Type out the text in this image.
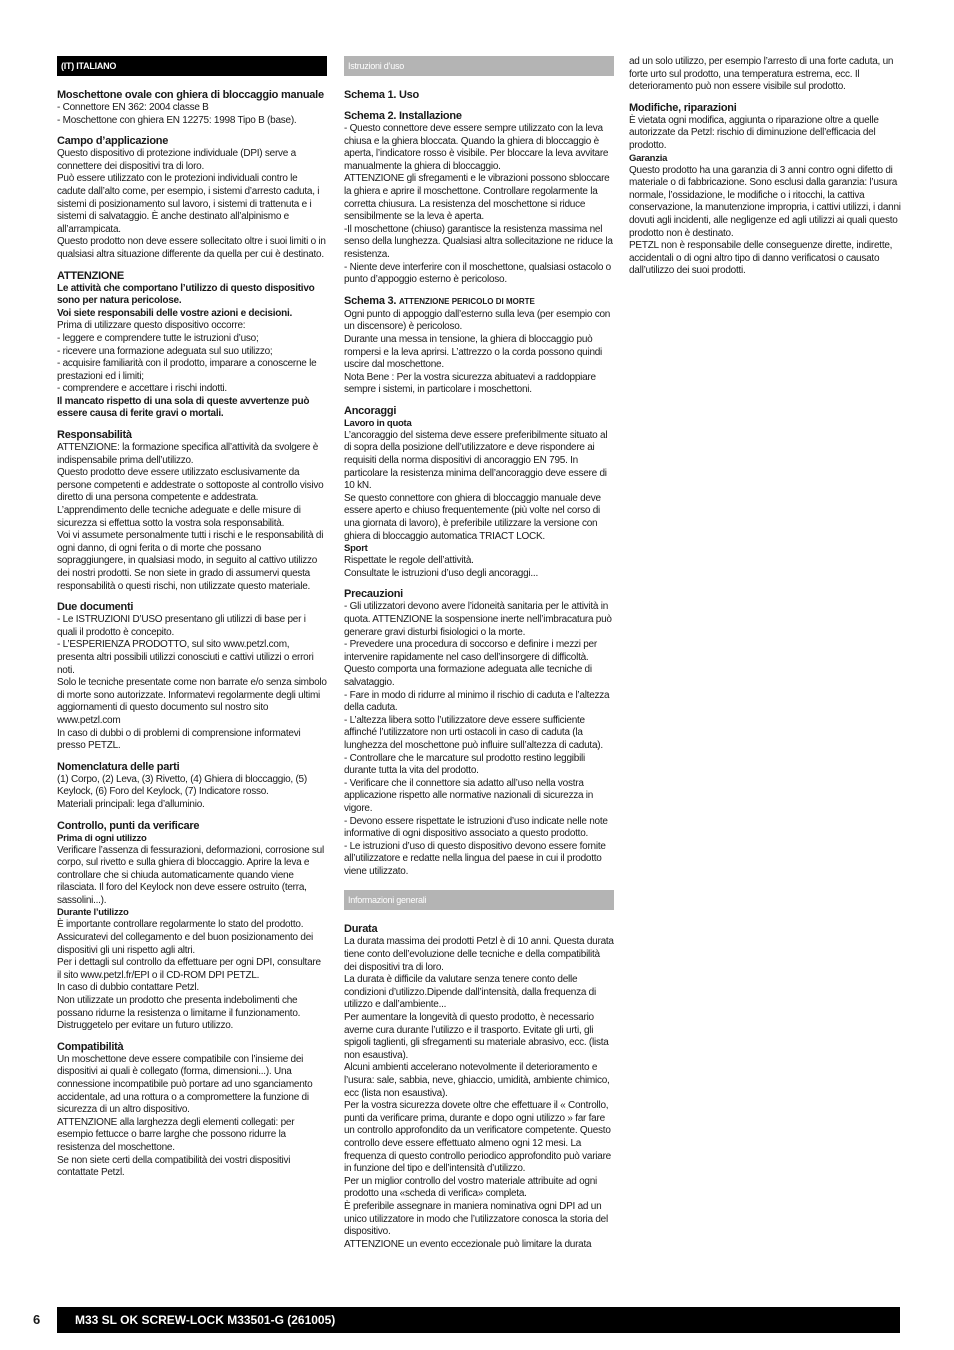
(IT) ITALIANO
Moschettone ovale con ghiera di bloccaggio manuale

- Connettore EN 362: 2004 classe B
- Moschettone con ghiera EN 12275: 1998 Tipo B (base).

Campo d’applicazione

Questo dispositivo di protezione individuale (DPI) serve a connettere dei dispositivi tra di loro.
Può essere utilizzato con le protezioni individuali contro le cadute dall’alto come, per esempio, i sistemi d’arresto caduta, i sistemi di posizionamento sul lavoro, i sistemi di trattenuta e i sistemi di salvataggio. È anche destinato all’alpinismo e all’arrampicata.
Questo prodotto non deve essere sollecitato oltre i suoi limiti o in qualsiasi altra situazione differente da quella per cui è destinato.

ATTENZIONE

Le attività che comportano l’utilizzo di questo dispositivo sono per natura pericolose.
Voi siete responsabili delle vostre azioni e decisioni.

Prima di utilizzare questo dispositivo occorre:
- leggere e comprendere tutte le istruzioni d’uso;
- ricevere una formazione adeguata sul suo utilizzo;
- acquisire familiarità con il prodotto, imparare a conoscerne le prestazioni ed i limiti;
- comprendere e accettare i rischi indotti.

Il mancato rispetto di una sola di queste avvertenze può essere causa di ferite gravi o mortali.

Responsabilità

ATTENZIONE: la formazione specifica all’attività da svolgere è indispensabile prima dell’utilizzo.
Questo prodotto deve essere utilizzato esclusivamente da persone competenti e addestrate o sottoposte al controllo visivo diretto di una persona competente e addestrata.
L’apprendimento delle tecniche adeguate e delle misure di sicurezza si effettua sotto la vostra sola responsabilità.
Voi vi assumete personalmente tutti i rischi e le responsabilità di ogni danno, di ogni ferita o di morte che possano sopraggiungere, in qualsiasi modo, in seguito al cattivo utilizzo dei nostri prodotti. Se non siete in grado di assumervi questa responsabilità o questi rischi, non utilizzate questo materiale.

Due documenti

- Le ISTRUZIONI D’USO presentano gli utilizzi di base per i quali il prodotto è concepito.
- L’ESPERIENZA PRODOTTO, sul sito www.petzl.com, presenta altri possibili utilizzi conosciuti e cattivi utilizzi o errori noti.
Solo le tecniche presentate come non barrate e/o senza simbolo di morte sono autorizzate. Informatevi regolarmente degli ultimi aggiornamenti di questo documento sul nostro sito www.petzl.com
In caso di dubbi o di problemi di comprensione informatevi presso PETZL.

Nomenclatura delle parti

(1) Corpo, (2) Leva, (3) Rivetto, (4) Ghiera di bloccaggio, (5) Keylock, (6) Foro del Keylock, (7) Indicatore rosso.
Materiali principali: lega d’alluminio.

Controllo, punti da verificare
Prima di ogni utilizzo

Verificare l’assenza di fessurazioni, deformazioni, corrosione sul corpo, sul rivetto e sulla ghiera di bloccaggio. Aprire la leva e controllare che si chiuda automaticamente quando viene rilasciata. Il foro del Keylock non deve essere ostruito (terra, sassolini...).

Durante l’utilizzo

È importante controllare regolarmente lo stato del prodotto. Assicuratevi del collegamento e del buon posizionamento dei dispositivi gli uni rispetto agli altri.
Per i dettagli sul controllo da effettuare per ogni DPI, consultare il sito www.petzl.fr/EPI o il CD-ROM DPI PETZL.
In caso di dubbio contattare Petzl.
Non utilizzate un prodotto che presenta indebolimenti che possano ridurne la resistenza o limitarne il funzionamento. Distruggetelo per evitare un futuro utilizzo.

Compatibilità

Un moschettone deve essere compatibile con l’insieme dei dispositivi ai quali è collegato (forma, dimensioni...). Una connessione incompatibile può portare ad uno sganciamento accidentale, ad una rottura o a compromettere la funzione di sicurezza di un altro dispositivo.
ATTENZIONE alla larghezza degli elementi collegati: per esempio fettucce o barre larghe che possono ridurre la resistenza del moschettone.
Se non siete certi della compatibilità dei vostri dispositivi contattate Petzl.

Istruzioni d’uso
Schema 1. Uso
Schema 2. Installazione

- Questo connettore deve essere sempre utilizzato con la leva chiusa e la ghiera bloccata. Quando la ghiera di bloccaggio è aperta, l’indicatore rosso è visibile. Per bloccare la leva avvitare manualmente la ghiera di bloccaggio.
ATTENZIONE gli sfregamenti e le vibrazioni possono sbloccare la ghiera e aprire il moschettone. Controllare regolarmente la corretta chiusura. La resistenza del moschettone si riduce sensibilmente se la leva è aperta.
-Il moschettone (chiuso) garantisce la resistenza massima nel senso della lunghezza. Qualsiasi altra sollecitazione ne riduce la resistenza.
- Niente deve interferire con il moschettone, qualsiasi ostacolo o punto d’appoggio esterno è pericoloso.

Schema 3. ATTENZIONE PERICOLO DI MORTE

Ogni punto di appoggio dall’esterno sulla leva (per esempio con un discensore) è pericoloso.
Durante una messa in tensione, la ghiera di bloccaggio può rompersi e la leva aprirsi. L’attrezzo o la corda possono quindi uscire dal moschettone.
Nota Bene : Per la vostra sicurezza abituatevi a raddoppiare sempre i sistemi, in particolare i moschettoni.

Ancoraggi
Lavoro in quota

L’ancoraggio del sistema deve essere preferibilmente situato al di sopra della posizione dell’utilizzatore e deve rispondere ai requisiti della norma dispositivi di ancoraggio EN 795. In particolare la resistenza minima dell’ancoraggio deve essere di 10 kN.
Se questo connettore con ghiera di bloccaggio manuale deve essere aperto e chiuso frequentemente (più volte nel corso di una giornata di lavoro), è preferibile utilizzare la versione con ghiera di bloccaggio automatica TRIACT LOCK.

Sport

Rispettate le regole dell’attività.
Consultate le istruzioni d’uso degli ancoraggi...

Precauzioni

- Gli utilizzatori devono avere l’idoneità sanitaria per le attività in quota. ATTENZIONE la sospensione inerte nell’imbracatura può generare gravi disturbi fisiologici o la morte.
- Prevedere una procedura di soccorso e definire i mezzi per intervenire rapidamente nel caso dell’insorgere di difficoltà. Questo comporta una formazione adeguata alle tecniche di salvataggio.
- Fare in modo di ridurre al minimo il rischio di caduta e l’altezza della caduta.
- L’altezza libera sotto l’utilizzatore deve essere sufficiente affinché l’utilizzatore non urti ostacoli in caso di caduta (la lunghezza del moschettone può influire sull’altezza di caduta).
- Controllare che le marcature sul prodotto restino leggibili durante tutta la vita del prodotto.
- Verificare che il connettore sia adatto all’uso nella vostra applicazione rispetto alle normative nazionali di sicurezza in vigore.
- Devono essere rispettate le istruzioni d’uso indicate nelle note informative di ogni dispositivo associato a questo prodotto.
- Le istruzioni d’uso di questo dispositivo devono essere fornite all’utilizzatore e redatte nella lingua del paese in cui il prodotto viene utilizzato.

Informazioni generali
Durata

La durata massima dei prodotti Petzl è di 10 anni. Questa durata tiene conto dell’evoluzione delle tecniche e della compatibilità dei dispositivi tra di loro.
La durata è difficile da valutare senza tenere conto delle condizioni d’utilizzo.Dipende dall’intensità, dalla frequenza di utilizzo e dall’ambiente...
Per aumentare la longevità di questo prodotto, è necessario averne cura durante l’utilizzo e il trasporto. Evitate gli urti, gli spigoli taglienti, gli sfregamenti su materiale abrasivo, ecc. (lista non esaustiva).
Alcuni ambienti accelerano notevolmente il deterioramento e l’usura: sale, sabbia, neve, ghiaccio, umidità, ambiente chimico, ecc (lista non esaustiva).
Per la vostra sicurezza dovete oltre che effettuare il « Controllo, punti da verificare prima, durante e dopo ogni utilizzo » far fare un controllo approfondito da un verificatore competente. Questo controllo deve essere effettuato almeno ogni 12 mesi. La frequenza di questo controllo periodico approfondito può variare in funzione del tipo e dell’intensità d’utilizzo.
Per un miglior controllo del vostro materiale attribuite ad ogni prodotto una «scheda di verifica» completa.
È preferibile assegnare in maniera nominativa ogni DPI ad un unico utilizzatore in modo che l’utilizzatore conosca la storia del dispositivo.
ATTENZIONE un evento eccezionale può limitare la durata

ad un solo utilizzo, per esempio l’arresto di una forte caduta, un forte urto sul prodotto, una temperatura estrema, ecc. Il deterioramento può non essere visibile sul prodotto.

Modifiche, riparazioni

È vietata ogni modifica, aggiunta o riparazione oltre a quelle autorizzate da Petzl: rischio di diminuzione dell’efficacia del prodotto.

Garanzia

Questo prodotto ha una garanzia di 3 anni contro ogni difetto di materiale o di fabbricazione. Sono esclusi dalla garanzia: l’usura normale, l’ossidazione, le modifiche o i ritocchi, la cattiva conservazione, la manutenzione impropria, i cattivi utilizzi, i danni dovuti agli incidenti, alle negligenze ed agli utilizzi ai quali questo prodotto non è destinato.
PETZL non è responsabile delle conseguenze dirette, indirette, accidentali o di ogni altro tipo di danno verificatosi o causato dall’utilizzo dei suoi prodotti.

6	M33 SL OK SCREW-LOCK M33501-G (261005)
